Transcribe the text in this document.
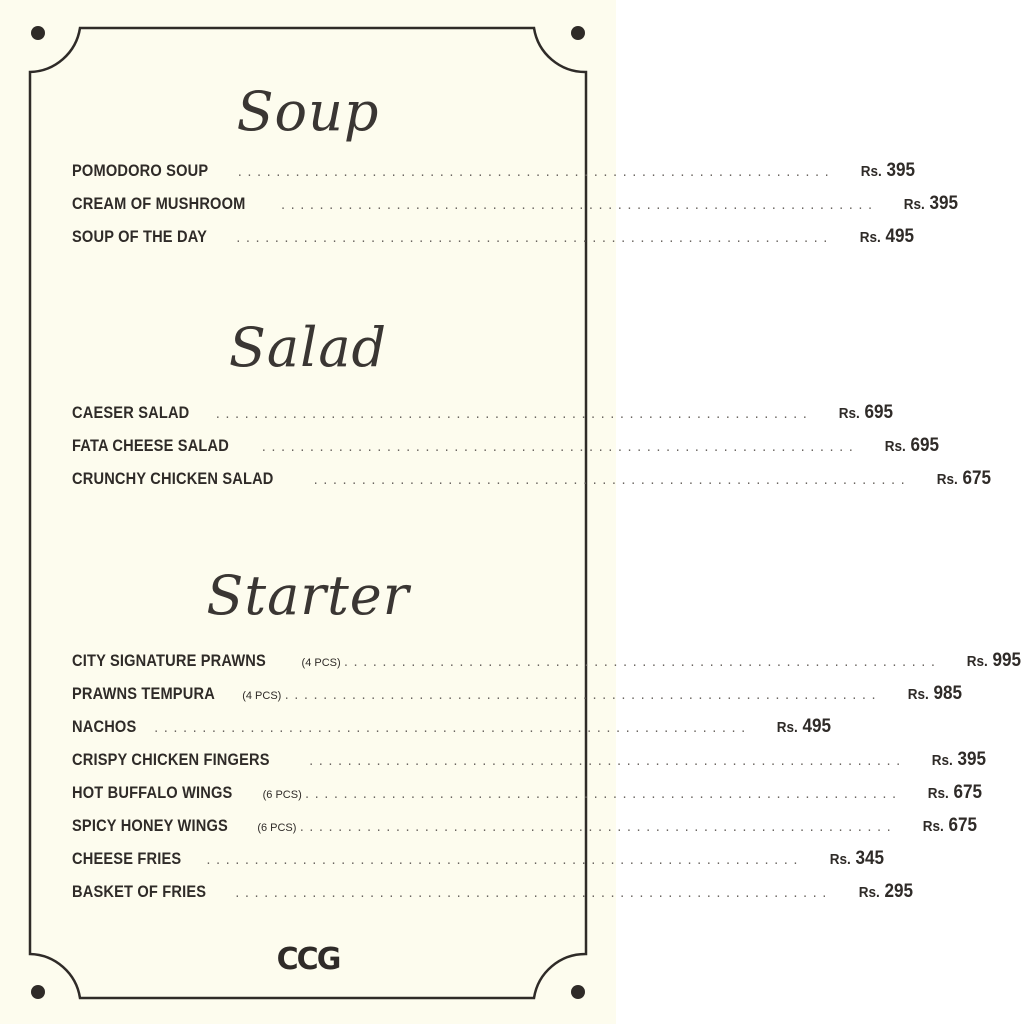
Soup
POMODORO SOUP	..............................................................	Rs. 395
CREAM OF MUSHROOM	..............................................................	Rs. 395
SOUP OF THE DAY	..............................................................	Rs. 495
Salad
CAESER SALAD ..............................................................	Rs. 695
FATA CHEESE SALAD	..............................................................	Rs. 695
CRUNCHY CHICKEN SALAD	..............................................................	Rs. 675
Starter
CITY SIGNATURE PRAWNS	(4 PCS) ..............................................................	Rs. 995
PRAWNS TEMPURA (4 PCS) ..............................................................	Rs. 985
NACHOS ..............................................................	Rs. 495
CRISPY CHICKEN FINGERS	..............................................................	Rs. 395
HOT BUFFALO WINGS	(6 PCS) ..............................................................	Rs. 675
SPICY HONEY WINGS	(6 PCS) ..............................................................	Rs. 675
CHEESE FRIES ..............................................................	Rs. 345
BASKET OF FRIES	..............................................................	Rs. 295
CCG
